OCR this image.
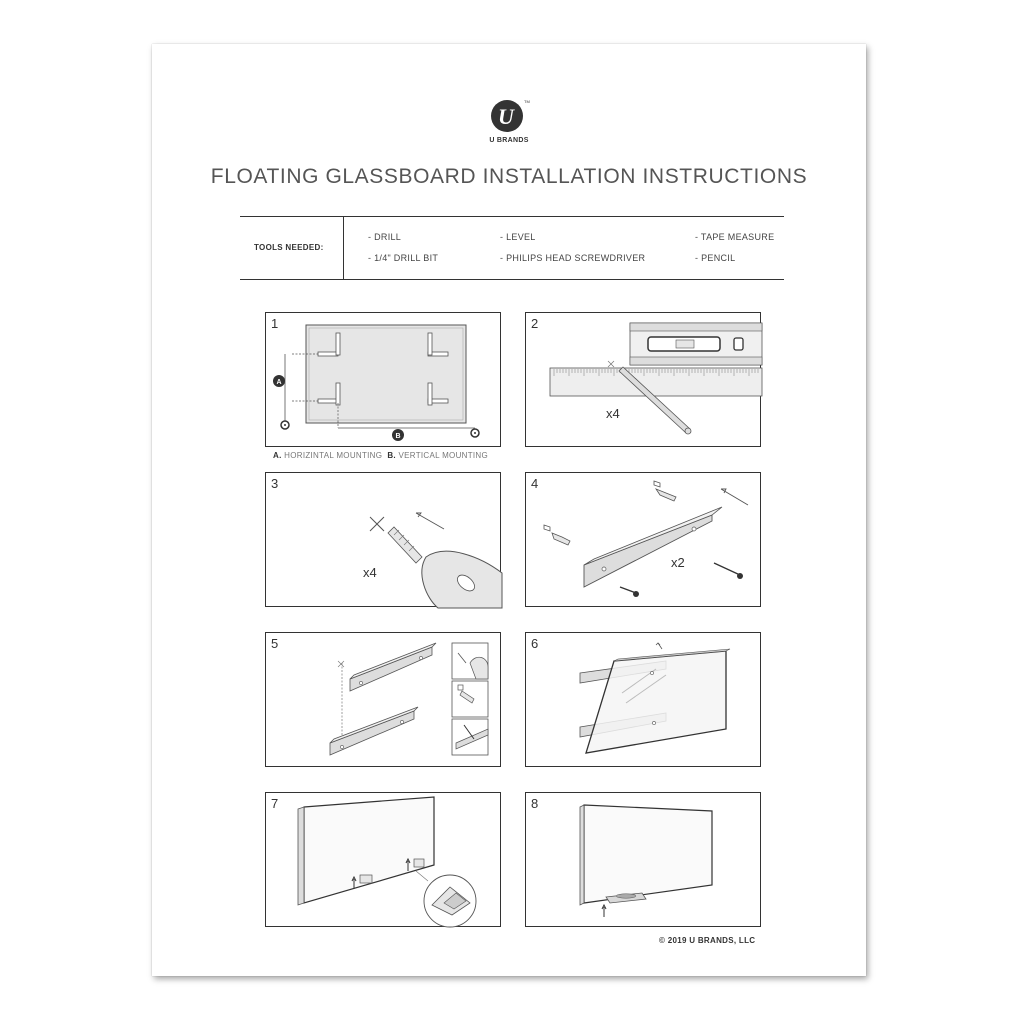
U
TM
U BRANDS
FLOATING GLASSBOARD INSTALLATION INSTRUCTIONS
TOOLS NEEDED:
- DRILL	- LEVEL	- TAPE MEASURE
- 1/4" DRILL BIT	- PHILIPS HEAD SCREWDRIVER	- PENCIL
1
A
B
A. HORIZINTAL MOUNTING B. VERTICAL MOUNTING
2
x4
3
x4
4
x2
5	6
7	8
© 2019 U BRANDS, LLC
